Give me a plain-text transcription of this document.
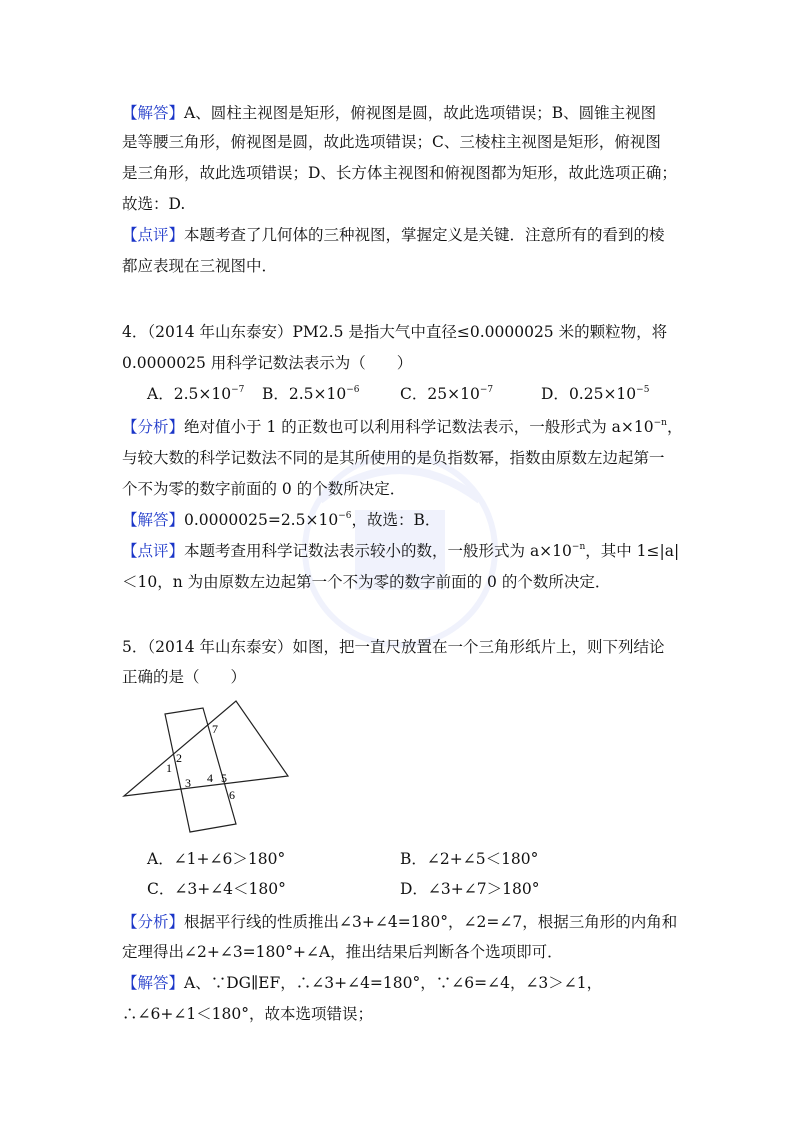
【解答】A、圆柱主视图是矩形，俯视图是圆，故此选项错误；B、圆锥主视图
是等腰三角形，俯视图是圆，故此选项错误；C、三棱柱主视图是矩形，俯视图
是三角形，故此选项错误；D、长方体主视图和俯视图都为矩形，故此选项正确；
故选：D.
【点评】本题考查了几何体的三种视图，掌握定义是关键．注意所有的看到的棱
都应表现在三视图中．
4．（2014 年山东泰安）PM2.5 是指大气中直径≤0.0000025 米的颗粒物，将
0.0000025 用科学记数法表示为（　　）
A．$2.5\times 10^{-7}$ B．$2.5\times 10^{-6}$	C．$25\times 10^{-7}$	D．$0.25\times 10^{-5}$
【分析】绝对值小于 1 的正数也可以利用科学记数法表示，一般形式为 $a\times 10^{-n}$，
与较大数的科学记数法不同的是其所使用的是负指数幂，指数由原数左边起第一
个不为零的数字前面的 0 的个数所决定．
【解答】$0.0000025=2.5\times 10^{-6}$，故选：B．
【点评】本题考查用科学记数法表示较小的数，一般形式为 $a\times 10^{-n}$，其中 1≤|a|
＜10，n 为由原数左边起第一个不为零的数字前面的 0 的个数所决定．
5．（2014 年山东泰安）如图，把一直尺放置在一个三角形纸片上，则下列结论
正确的是（　　）
1
2
3 4 5
6
7
A．∠1+∠6＞180°	B．∠2+∠5＜180°
C．∠3+∠4＜180°	D．∠3+∠7＞180°
【分析】根据平行线的性质推出∠3+∠4=180°，∠2=∠7，根据三角形的内角和
定理得出∠2+∠3=180°+∠A，推出结果后判断各个选项即可．
【解答】A、∵DG∥EF，∴∠3+∠4=180°，∵∠6=∠4，∠3＞∠1，
∴∠6+∠1＜180°，故本选项错误；
